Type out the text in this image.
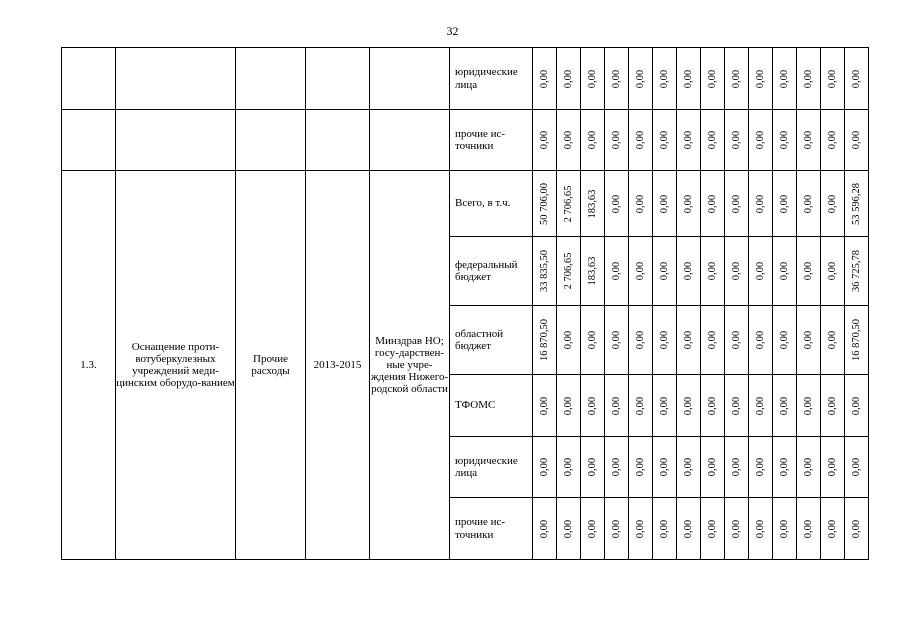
32
					юридические лица	0,00	0,00	0,00	0,00	0,00	0,00	0,00	0,00	0,00	0,00	0,00	0,00	0,00	0,00

					прочие ис-точники	0,00	0,00	0,00	0,00	0,00	0,00	0,00	0,00	0,00	0,00	0,00	0,00	0,00	0,00

1.3.	Оснащение проти-вотуберкулезных учреждений меди-цинским оборудо-ванием	Прочие расходы	2013-2015	Минздрав НО; госу-дарствен-ные учре-ждения Нижего-родской области	Всего, в т.ч.	50 706,00	2 706,65	183,63	0,00	0,00	0,00	0,00	0,00	0,00	0,00	0,00	0,00	0,00	53 596,28

					федеральный бюджет	33 835,50	2 706,65	183,63	0,00	0,00	0,00	0,00	0,00	0,00	0,00	0,00	0,00	0,00	36 725,78

					областной бюджет	16 870,50	0,00	0,00	0,00	0,00	0,00	0,00	0,00	0,00	0,00	0,00	0,00	0,00	16 870,50

					ТФОМС	0,00	0,00	0,00	0,00	0,00	0,00	0,00	0,00	0,00	0,00	0,00	0,00	0,00	0,00

					юридические лица	0,00	0,00	0,00	0,00	0,00	0,00	0,00	0,00	0,00	0,00	0,00	0,00	0,00	0,00

					прочие ис-точники	0,00	0,00	0,00	0,00	0,00	0,00	0,00	0,00	0,00	0,00	0,00	0,00	0,00	0,00
